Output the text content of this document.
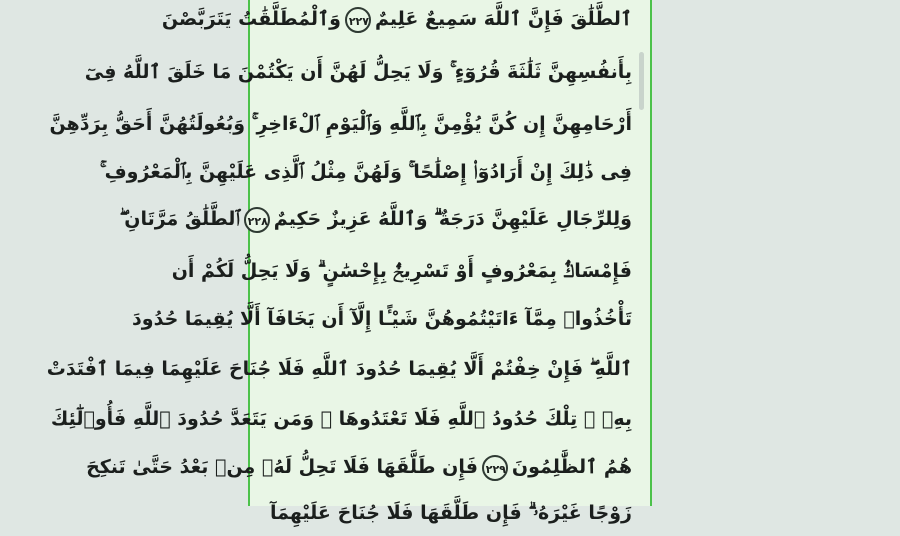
ٱلطَّلَٰقَ فَإِنَّ ٱللَّهَ سَمِيعٌ عَلِيمٌ٢٢٧وَٱلْمُطَلَّقَٰتُ يَتَرَبَّصْنَ
بِأَنفُسِهِنَّ ثَلَٰثَةَ قُرُوٓءٍ ۚ وَلَا يَحِلُّ لَهُنَّ أَن يَكْتُمْنَ مَا خَلَقَ ٱللَّهُ فِىٓ
أَرْحَامِهِنَّ إِن كُنَّ يُؤْمِنَّ بِٱللَّهِ وَٱلْيَوْمِ ٱلْءَاخِرِ ۚ وَبُعُولَتُهُنَّ أَحَقُّ بِرَدِّهِنَّ
فِى ذَٰلِكَ إِنْ أَرَادُوٓا۟ إِصْلَٰحًا ۚ وَلَهُنَّ مِثْلُ ٱلَّذِى عَلَيْهِنَّ بِٱلْمَعْرُوفِ ۚ
وَلِلرِّجَالِ عَلَيْهِنَّ دَرَجَةٌ ۗ وَٱللَّهُ عَزِيزٌ حَكِيمٌ٢٢٨ٱلطَّلَٰقُ مَرَّتَانِ ۖ
فَإِمْسَاكٌۢ بِمَعْرُوفٍ أَوْ تَسْرِيحٌۢ بِإِحْسَٰنٍ ۗ وَلَا يَحِلُّ لَكُمْ أَن
تَأْخُذُوا۟ مِمَّآ ءَاتَيْتُمُوهُنَّ شَيْـًٔا إِلَّآ أَن يَخَافَآ أَلَّا يُقِيمَا حُدُودَ
ٱللَّهِ ۖ فَإِنْ خِفْتُمْ أَلَّا يُقِيمَا حُدُودَ ٱللَّهِ فَلَا جُنَاحَ عَلَيْهِمَا فِيمَا ٱفْتَدَتْ
بِهِۦ ۗ تِلْكَ حُدُودُ ٱللَّهِ فَلَا تَعْتَدُوهَا ۚ وَمَن يَتَعَدَّ حُدُودَ ٱللَّهِ فَأُو۟لَٰٓئِكَ
هُمُ ٱلظَّٰلِمُونَ٢٢٩فَإِن طَلَّقَهَا فَلَا تَحِلُّ لَهُۥ مِنۢ بَعْدُ حَتَّىٰ تَنكِحَ
زَوْجًا غَيْرَهُۥ ۗ فَإِن طَلَّقَهَا فَلَا جُنَاحَ عَلَيْهِمَآ
